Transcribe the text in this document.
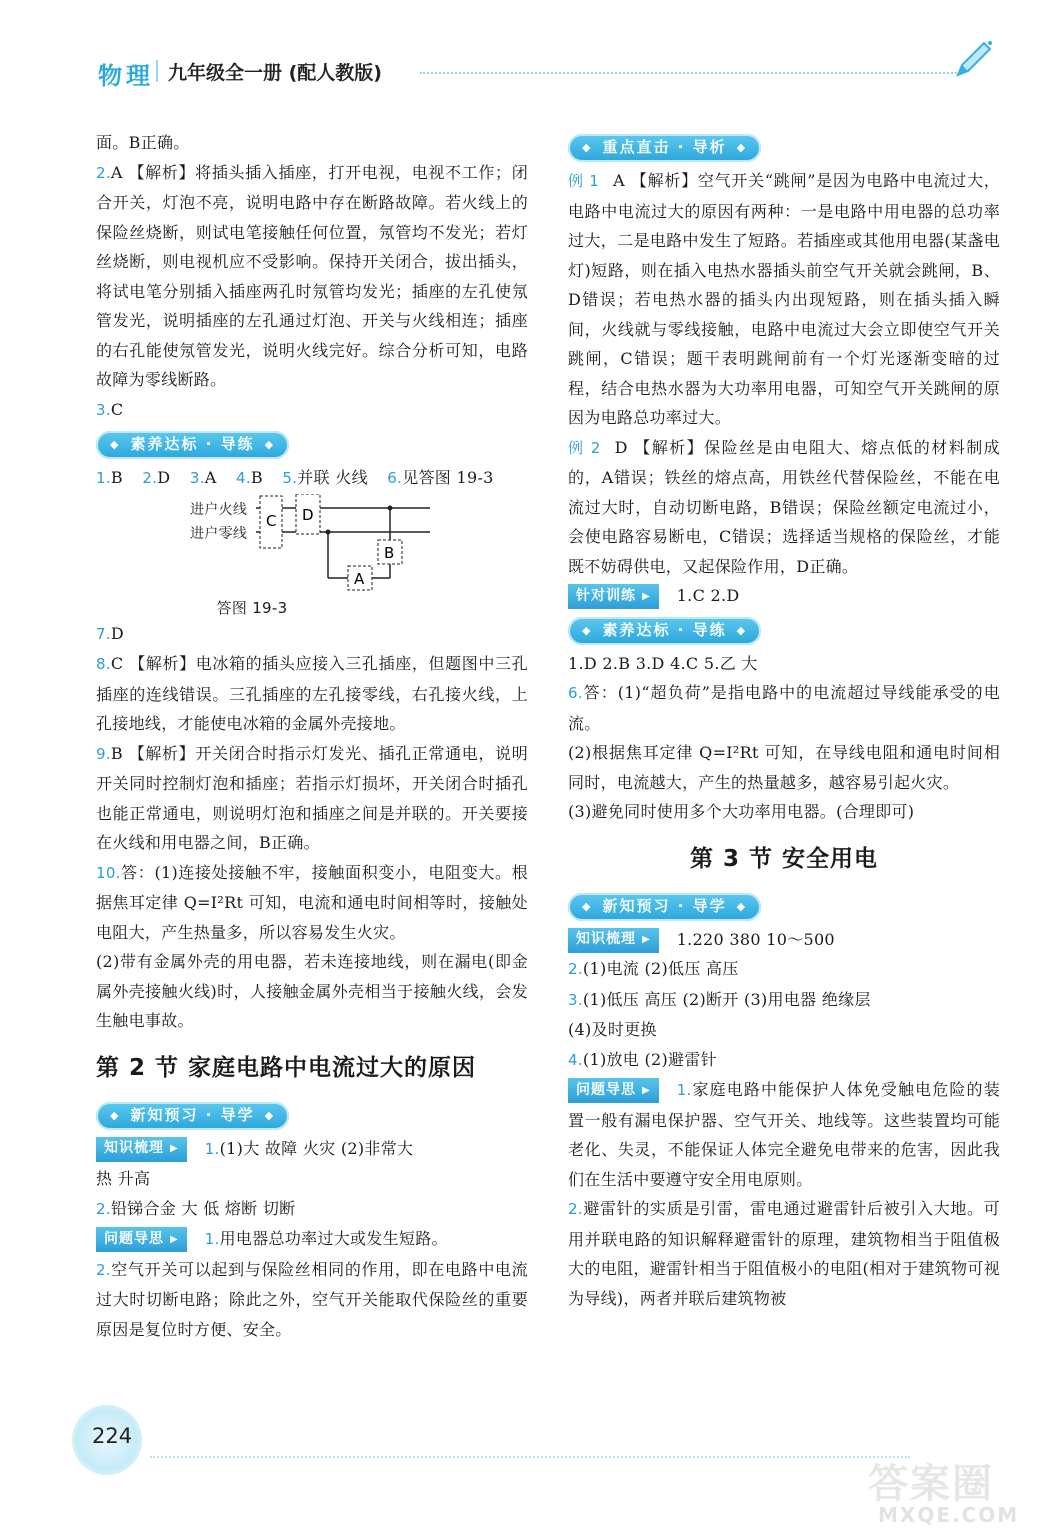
物理 九年级全一册 (配人教版)

面。B正确。

2.A 【解析】将插头插入插座，打开电视，电视不工作；闭合开关，灯泡不亮，说明电路中存在断路故障。若火线上的保险丝烧断，则试电笔接触任何位置，氖管均不发光；若灯丝烧断，则电视机应不受影响。保持开关闭合，拔出插头，将试电笔分别插入插座两孔时氖管均发光；插座的左孔使氖管发光，说明插座的左孔通过灯泡、开关与火线相连；插座的右孔能使氖管发光，说明火线完好。综合分析可知，电路故障为零线断路。

3.C

◆ 素养达标 · 导练 ◆

1.B 2.D 3.A 4.B 5.并联 火线 6.见答图 19-3

进户火线
进户零线
C D
B
A
答图 19-3

7.D

8.C 【解析】电冰箱的插头应接入三孔插座，但题图中三孔插座的连线错误。三孔插座的左孔接零线，右孔接火线，上孔接地线，才能使电冰箱的金属外壳接地。

9.B 【解析】开关闭合时指示灯发光、插孔正常通电，说明开关同时控制灯泡和插座；若指示灯损坏，开关闭合时插孔也能正常通电，则说明灯泡和插座之间是并联的。开关要接在火线和用电器之间，B正确。

10.答：(1)连接处接触不牢，接触面积变小，电阻变大。根据焦耳定律 Q=I²Rt 可知，电流和通电时间相等时，接触处电阻大，产生热量多，所以容易发生火灾。

(2)带有金属外壳的用电器，若未连接地线，则在漏电(即金属外壳接触火线)时，人接触金属外壳相当于接触火线，会发生触电事故。

第 2 节 家庭电路中电流过大的原因
◆ 新知预习 · 导学 ◆

知识梳理 ▶ 1.(1)大 故障 火灾 (2)非常大

热 升高

2.铅锑合金 大 低 熔断 切断

问题导思 ▶ 1.用电器总功率过大或发生短路。

2.空气开关可以起到与保险丝相同的作用，即在电路中电流过大时切断电路；除此之外，空气开关能取代保险丝的重要原因是复位时方便、安全。

◆ 重点直击 · 导析 ◆

例 1 A 【解析】空气开关“跳闸”是因为电路中电流过大，电路中电流过大的原因有两种：一是电路中用电器的总功率过大，二是电路中发生了短路。若插座或其他用电器(某盏电灯)短路，则在插入电热水器插头前空气开关就会跳闸，B、D错误；若电热水器的插头内出现短路，则在插头插入瞬间，火线就与零线接触，电路中电流过大会立即使空气开关跳闸，C错误；题干表明跳闸前有一个灯光逐渐变暗的过程，结合电热水器为大功率用电器，可知空气开关跳闸的原因为电路总功率过大。

例 2 D 【解析】保险丝是由电阻大、熔点低的材料制成的，A错误；铁丝的熔点高，用铁丝代替保险丝，不能在电流过大时，自动切断电路，B错误；保险丝额定电流过小，会使电路容易断电，C错误；选择适当规格的保险丝，才能既不妨碍供电，又起保险作用，D正确。

针对训练 ▶ 1.C 2.D

◆ 素养达标 · 导练 ◆

1.D 2.B 3.D 4.C 5.乙 大

6.答：(1)“超负荷”是指电路中的电流超过导线能承受的电流。

(2)根据焦耳定律 Q=I²Rt 可知，在导线电阻和通电时间相同时，电流越大，产生的热量越多，越容易引起火灾。

(3)避免同时使用多个大功率用电器。(合理即可)

第 3 节 安全用电
◆ 新知预习 · 导学 ◆

知识梳理 ▶ 1.220 380 10～500

2.(1)电流 (2)低压 高压

3.(1)低压 高压 (2)断开 (3)用电器 绝缘层

(4)及时更换

4.(1)放电 (2)避雷针

问题导思 ▶ 1.家庭电路中能保护人体免受触电危险的装置一般有漏电保护器、空气开关、地线等。这些装置均可能老化、失灵，不能保证人体完全避免电带来的危害，因此我们在生活中要遵守安全用电原则。

2.避雷针的实质是引雷，雷电通过避雷针后被引入大地。可用并联电路的知识解释避雷针的原理，建筑物相当于阻值极大的电阻，避雷针相当于阻值极小的电阻(相对于建筑物可视为导线)，两者并联后建筑物被

224
答案圈
MXQE.COM
